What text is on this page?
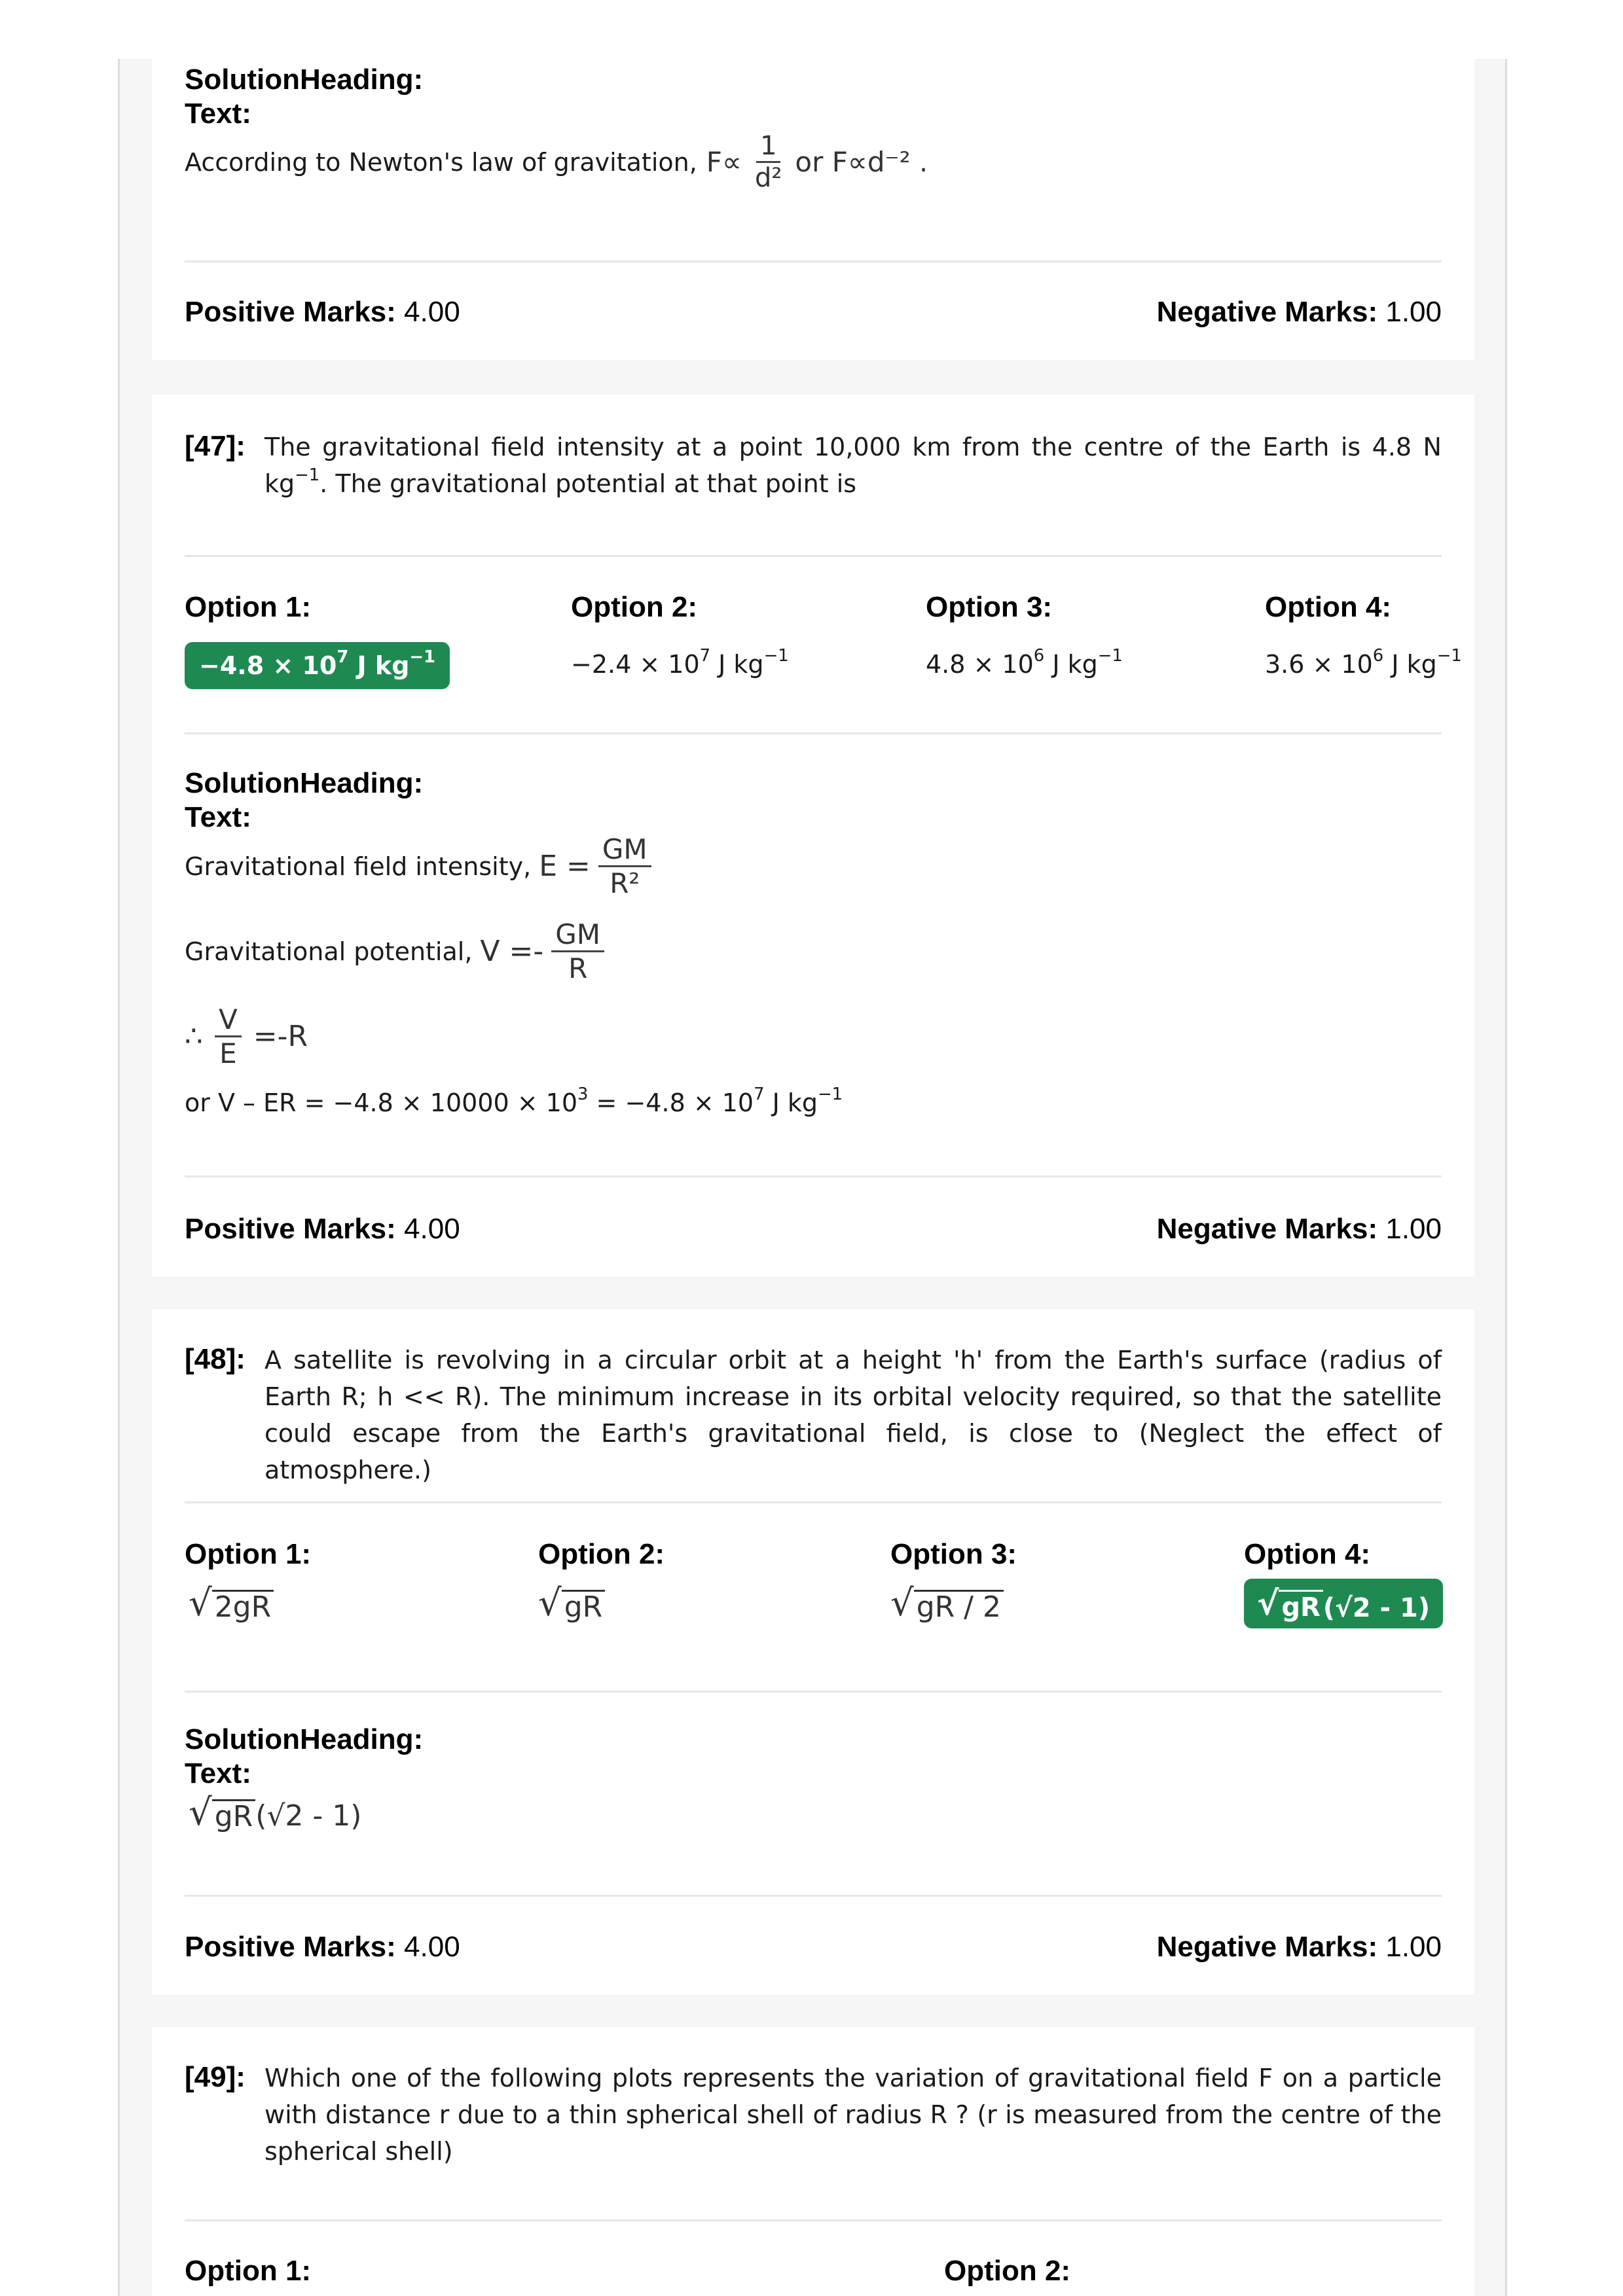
SolutionHeading:
Text:
According to Newton's law of gravitation, $F\propto \frac{1}{\text{d²}}$ or F∝d⁻² .
Positive Marks: 4.00	Negative Marks: 1.00
[47]: The gravitational field intensity at a point 10,000 km from the centre of the Earth is 4.8 N $kg^{-1}$. The gravitational potential at that point is
Option 1:
$-4.8 \times 10^7$ J $kg^{-1}$
Option 2:
$-2.4 \times 10^7$ J $kg^{-1}$
Option 3:
$4.8 \times 10^6$ J $kg^{-1}$
Option 4:
$3.6 \times 10^6$ J $kg^{-1}$
SolutionHeading:
Text:
Gravitational field intensity, $E = \frac{GM}{\text{R²}}$
Gravitational potential, $V =- \frac{GM}{R}$
∴ $\frac{V}{E} =-R$
or V – ER = $-4.8 \times 10000 \times 10^3 = -4.8 \times 10^7$ J $kg^{-1}$
Positive Marks: 4.00	Negative Marks: 1.00
[48]: A satellite is revolving in a circular orbit at a height 'h' from the Earth's surface (radius of Earth R; h << R). The minimum increase in its orbital velocity required, so that the satellite could escape from the Earth's gravitational field, is close to (Neglect the effect of atmosphere.)
Option 1:
√ 2gR
Option 2:
√ gR
Option 3:
√ gR / 2
Option 4:
√ gR (√2 - 1)
SolutionHeading:
Text:
√ gR (√2 - 1)
Positive Marks: 4.00	Negative Marks: 1.00
[49]: Which one of the following plots represents the variation of gravitational field F on a particle with distance r due to a thin spherical shell of radius R ? (r is measured from the centre of the spherical shell)
Option 1:	Option 2:
